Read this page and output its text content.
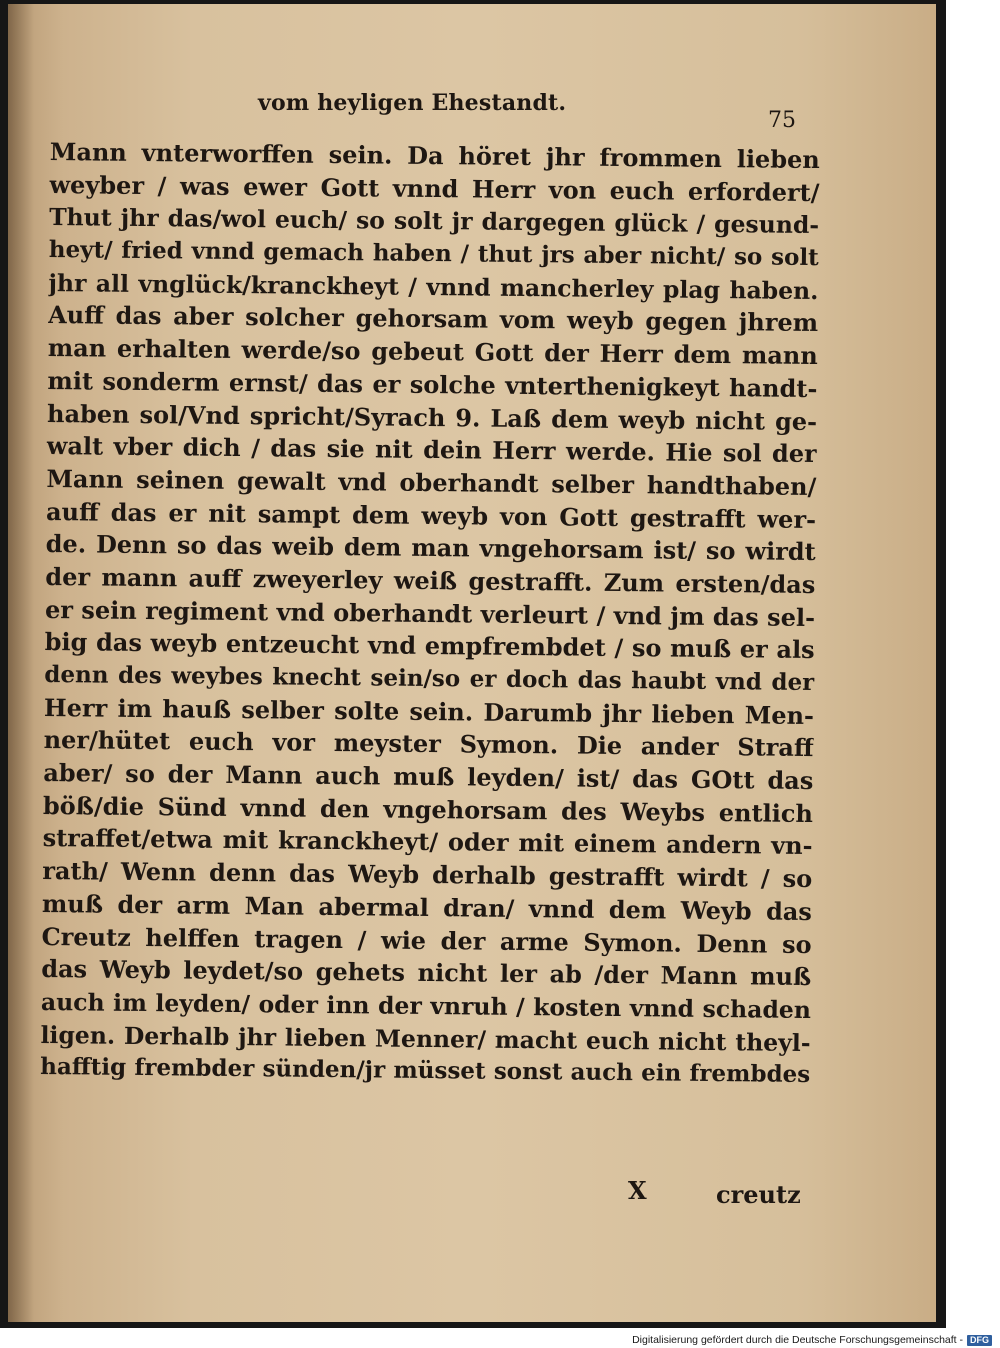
vom heyligen Ehestandt.
75
Mann vnterworffen sein. Da höret jhr frommen lieben
weyber / was ewer Gott vnnd Herr von euch erfordert/
Thut jhr das/wol euch/ so solt jr dargegen glück / gesund-
heyt/ fried vnnd gemach haben / thut jrs aber nicht/ so solt
jhr all vnglück/kranckheyt / vnnd mancherley plag haben.
Auff das aber solcher gehorsam vom weyb gegen jhrem
man erhalten werde/so gebeut Gott der Herr dem mann
mit sonderm ernst/ das er solche vnterthenigkeyt handt-
haben sol/Vnd spricht/Syrach 9. Laß dem weyb nicht ge-
walt vber dich / das sie nit dein Herr werde. Hie sol der
Mann seinen gewalt vnd oberhandt selber handthaben/
auff das er nit sampt dem weyb von Gott gestrafft wer-
de. Denn so das weib dem man vngehorsam ist/ so wirdt
der mann auff zweyerley weiß gestrafft. Zum ersten/das
er sein regiment vnd oberhandt verleurt / vnd jm das sel-
big das weyb entzeucht vnd empfrembdet / so muß er als
denn des weybes knecht sein/so er doch das haubt vnd der
Herr im hauß selber solte sein. Darumb jhr lieben Men-
ner/hütet euch vor meyster Symon. Die ander Straff
aber/ so der Mann auch muß leyden/ ist/ das GOtt das
böß/die Sünd vnnd den vngehorsam des Weybs entlich
straffet/etwa mit kranckheyt/ oder mit einem andern vn-
rath/ Wenn denn das Weyb derhalb gestrafft wirdt / so
muß der arm Man abermal dran/ vnnd dem Weyb das
Creutz helffen tragen / wie der arme Symon. Denn so
das Weyb leydet/so gehets nicht ler ab /der Mann muß
auch im leyden/ oder inn der vnruh / kosten vnnd schaden
ligen. Derhalb jhr lieben Menner/ macht euch nicht theyl-
hafftig frembder sünden/jr müsset sonst auch ein frembdes
X	creutz
Digitalisierung gefördert durch die Deutsche Forschungsgemeinschaft - DFG
